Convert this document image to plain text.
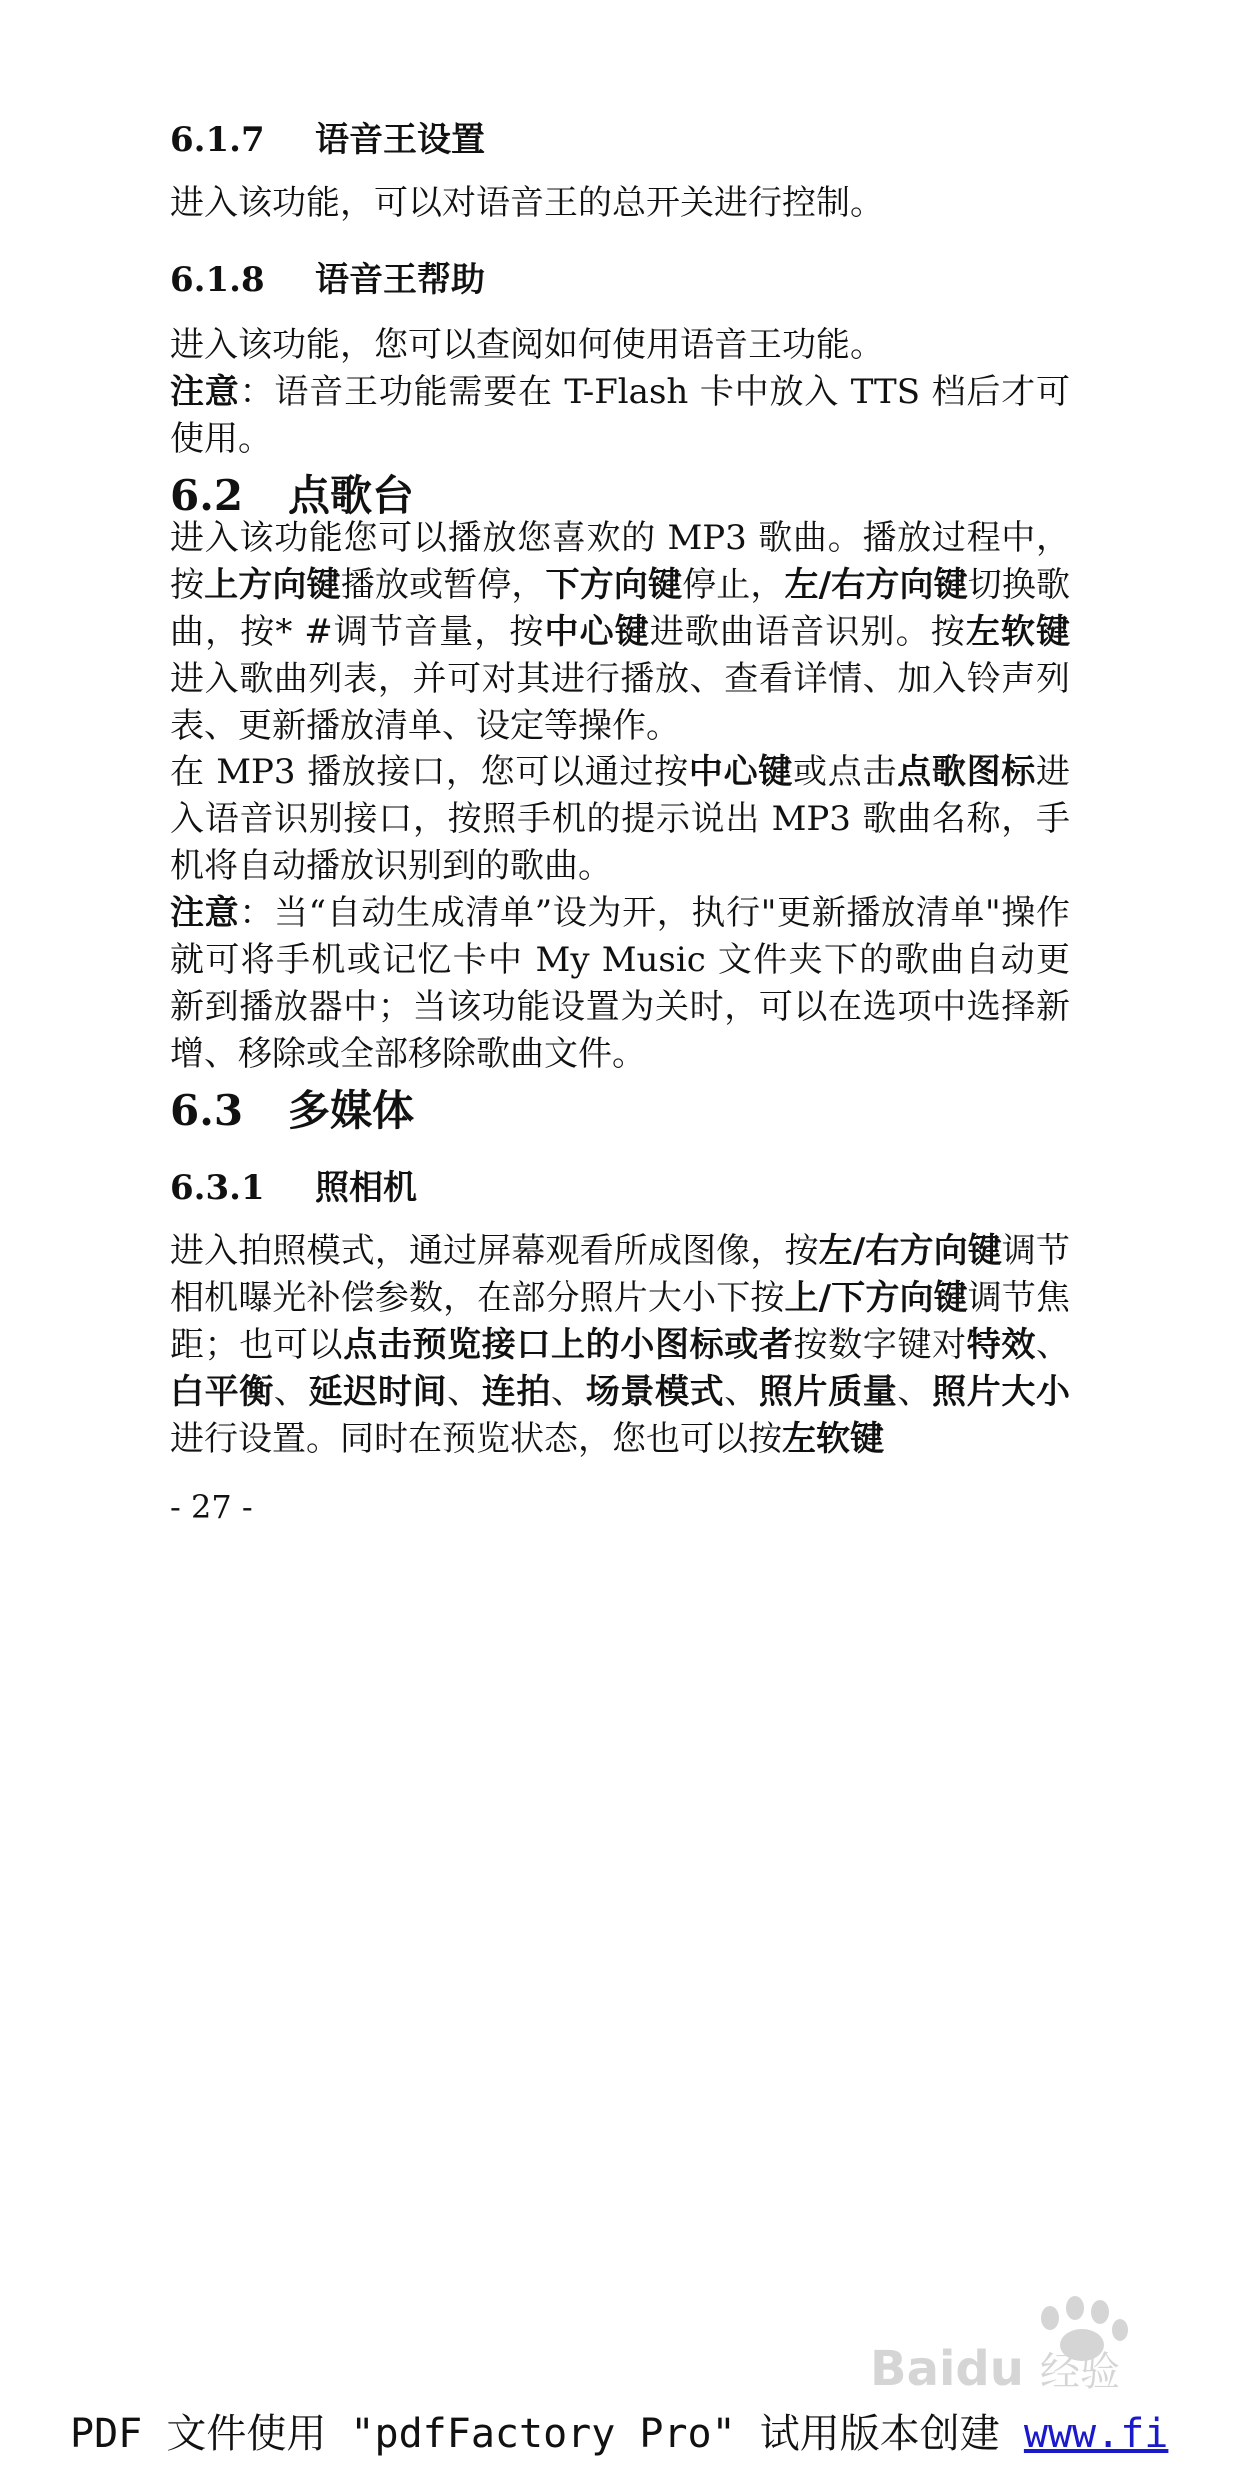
6.1.7 语音王设置

进入该功能，可以对语音王的总开关进行控制。

6.1.8 语音王帮助

进入该功能，您可以查阅如何使用语音王功能。

注意：语音王功能需要在 T-Flash 卡中放入 TTS 档后才可使用。

6.2 点歌台

进入该功能您可以播放您喜欢的 MP3 歌曲。播放过程中，按上方向键播放或暂停，下方向键停止，左/右方向键切换歌曲，按* #调节音量，按中心键进歌曲语音识别。按左软键进入歌曲列表，并可对其进行播放、查看详情、加入铃声列表、更新播放清单、设定等操作。

在 MP3 播放接口，您可以通过按中心键或点击点歌图标进入语音识别接口，按照手机的提示说出 MP3 歌曲名称，手机将自动播放识别到的歌曲。

注意：当“自动生成清单”设为开，执行"更新播放清单"操作就可将手机或记忆卡中 My Music 文件夹下的歌曲自动更新到播放器中；当该功能设置为关时，可以在选项中选择新增、移除或全部移除歌曲文件。

6.3 多媒体
6.3.1 照相机

进入拍照模式，通过屏幕观看所成图像，按左/右方向键调节相机曝光补偿参数，在部分照片大小下按上/下方向键调节焦距；也可以点击预览接口上的小图标或者按数字键对特效、白平衡、延迟时间、连拍、场景模式、照片质量、照片大小进行设置。同时在预览状态，您也可以按左软键

- 27 -

Baidu 经验

PDF 文件使用 "pdfFactory Pro" 试用版本创建 www.fi
